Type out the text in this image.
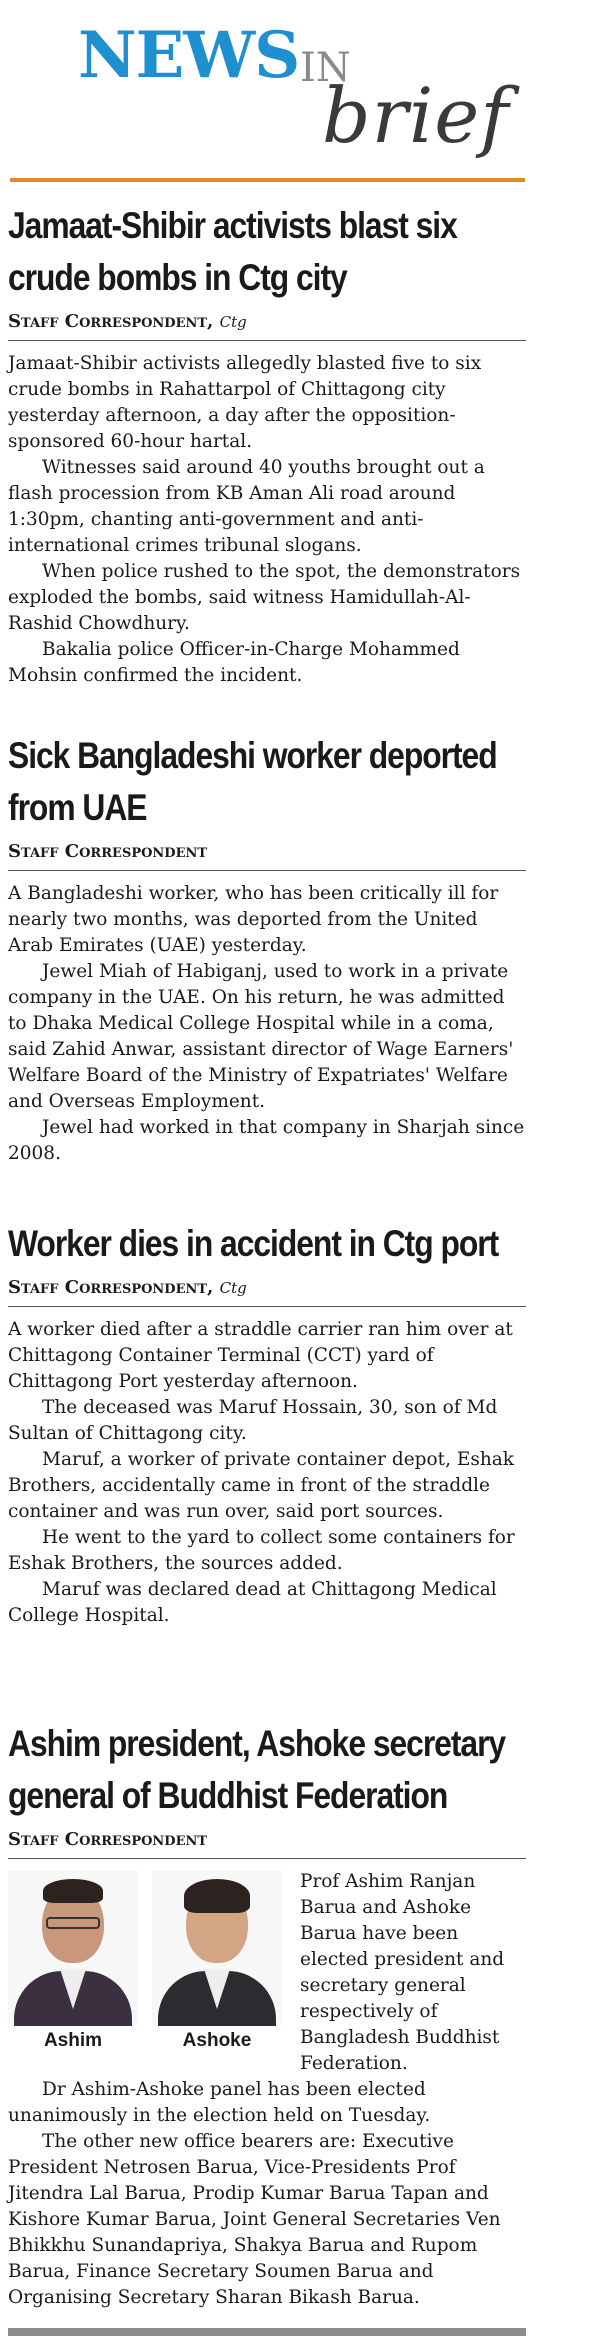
NEWS IN
brief
Jamaat-Shibir activists blast six crude bombs in Ctg city
Staff Correspondent, Ctg

Jamaat-Shibir activists allegedly blasted five to six crude bombs in Rahattarpol of Chittagong city yesterday afternoon, a day after the opposition-sponsored 60-hour hartal.

Witnesses said around 40 youths brought out a flash procession from KB Aman Ali road around 1:30pm, chanting anti-government and anti-international crimes tribunal slogans.

When police rushed to the spot, the demonstrators exploded the bombs, said witness Hamidullah-Al-Rashid Chowdhury.

Bakalia police Officer-in-Charge Mohammed Mohsin confirmed the incident.

Sick Bangladeshi worker deported from UAE
Staff Correspondent

A Bangladeshi worker, who has been critically ill for nearly two months, was deported from the United Arab Emirates (UAE) yesterday.

Jewel Miah of Habiganj, used to work in a private company in the UAE. On his return, he was admitted to Dhaka Medical College Hospital while in a coma, said Zahid Anwar, assistant director of Wage Earners' Welfare Board of the Ministry of Expatriates' Welfare and Overseas Employment.

Jewel had worked in that company in Sharjah since 2008.

Worker dies in accident in Ctg port
Staff Correspondent, Ctg

A worker died after a straddle carrier ran him over at Chittagong Container Terminal (CCT) yard of Chittagong Port yesterday afternoon.

The deceased was Maruf Hossain, 30, son of Md Sultan of Chittagong city.

Maruf, a worker of private container depot, Eshak Brothers, accidentally came in front of the straddle container and was run over, said port sources.

He went to the yard to collect some containers for Eshak Brothers, the sources added.

Maruf was declared dead at Chittagong Medical College Hospital.

Ashim president, Ashoke secretary general of Buddhist Federation
Staff Correspondent
Ashim	Ashoke

Prof Ashim Ranjan Barua and Ashoke Barua have been elected president and secretary general respectively of Bangladesh Buddhist Federation.

Dr Ashim-Ashoke panel has been elected unanimously in the election held on Tuesday.

The other new office bearers are: Executive President Netrosen Barua, Vice-Presidents Prof Jitendra Lal Barua, Prodip Kumar Barua Tapan and Kishore Kumar Barua, Joint General Secretaries Ven Bhikkhu Sunandapriya, Shakya Barua and Rupom Barua, Finance Secretary Soumen Barua and Organising Secretary Sharan Bikash Barua.
